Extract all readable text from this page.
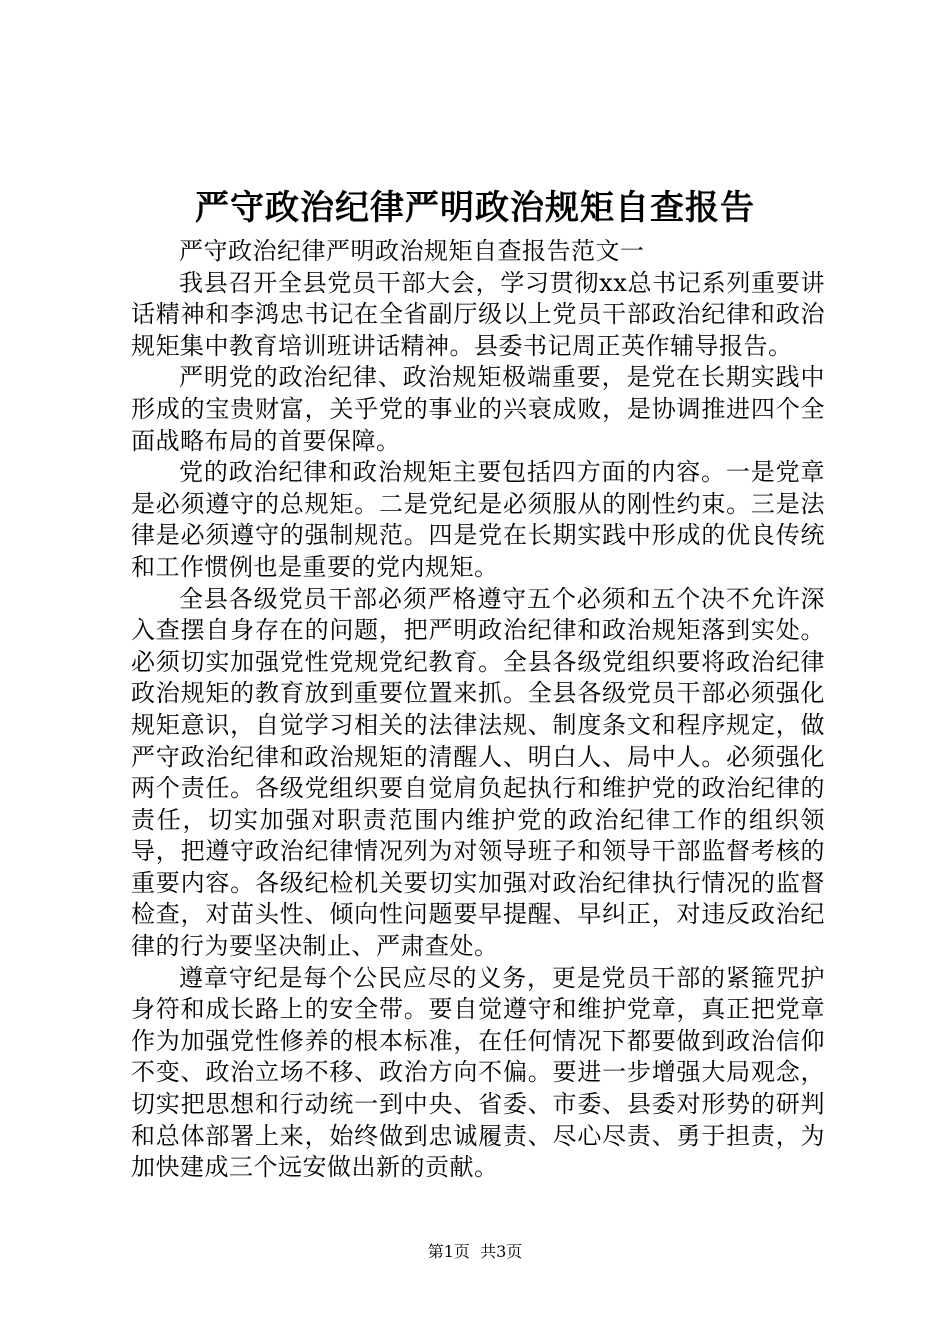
严守政治纪律严明政治规矩自查报告

严守政治纪律严明政治规矩自查报告范文一

我县召开全县党员干部大会，学习贯彻xx总书记系列重要讲话精神和李鸿忠书记在全省副厅级以上党员干部政治纪律和政治规矩集中教育培训班讲话精神。县委书记周正英作辅导报告。

严明党的政治纪律、政治规矩极端重要，是党在长期实践中形成的宝贵财富，关乎党的事业的兴衰成败，是协调推进四个全面战略布局的首要保障。

党的政治纪律和政治规矩主要包括四方面的内容。一是党章是必须遵守的总规矩。二是党纪是必须服从的刚性约束。三是法律是必须遵守的强制规范。四是党在长期实践中形成的优良传统和工作惯例也是重要的党内规矩。

全县各级党员干部必须严格遵守五个必须和五个决不允许深入查摆自身存在的问题，把严明政治纪律和政治规矩落到实处。必须切实加强党性党规党纪教育。全县各级党组织要将政治纪律政治规矩的教育放到重要位置来抓。全县各级党员干部必须强化规矩意识，自觉学习相关的法律法规、制度条文和程序规定，做严守政治纪律和政治规矩的清醒人、明白人、局中人。必须强化两个责任。各级党组织要自觉肩负起执行和维护党的政治纪律的责任，切实加强对职责范围内维护党的政治纪律工作的组织领导，把遵守政治纪律情况列为对领导班子和领导干部监督考核的重要内容。各级纪检机关要切实加强对政治纪律执行情况的监督检查，对苗头性、倾向性问题要早提醒、早纠正，对违反政治纪律的行为要坚决制止、严肃查处。

遵章守纪是每个公民应尽的义务，更是党员干部的紧箍咒护身符和成长路上的安全带。要自觉遵守和维护党章，真正把党章作为加强党性修养的根本标准，在任何情况下都要做到政治信仰不变、政治立场不移、政治方向不偏。要进一步增强大局观念，切实把思想和行动统一到中央、省委、市委、县委对形势的研判和总体部署上来，始终做到忠诚履责、尽心尽责、勇于担责，为加快建成三个远安做出新的贡献。

第1页 共3页
